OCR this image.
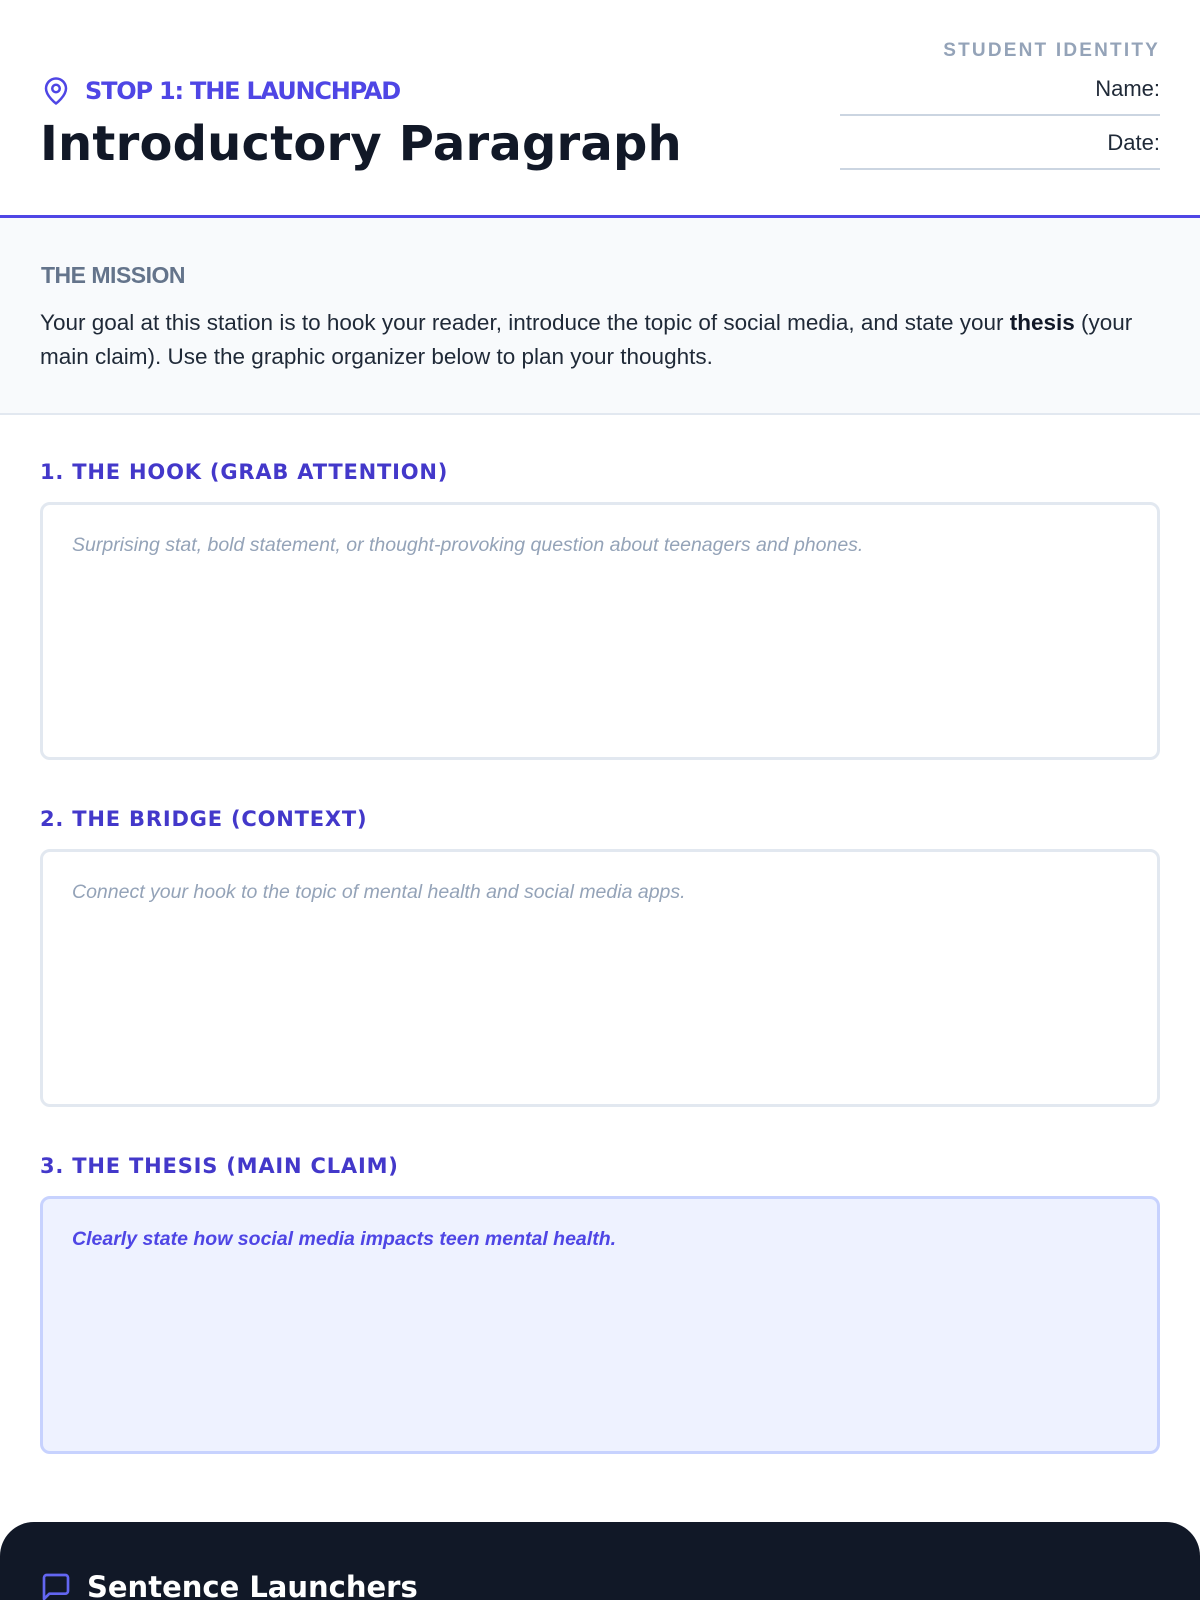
STOP 1: THE LAUNCHPAD
Introductory Paragraph
STUDENT IDENTITY
Name:
Date:
THE MISSION

Your goal at this station is to hook your reader, introduce the topic of social media, and state your thesis (your main claim). Use the graphic organizer below to plan your thoughts.

1. THE HOOK (GRAB ATTENTION)
Surprising stat, bold statement, or thought-provoking question about teenagers and phones.
2. THE BRIDGE (CONTEXT)
Connect your hook to the topic of mental health and social media apps.
3. THE THESIS (MAIN CLAIM)
Clearly state how social media impacts teen mental health.
Sentence Launchers
